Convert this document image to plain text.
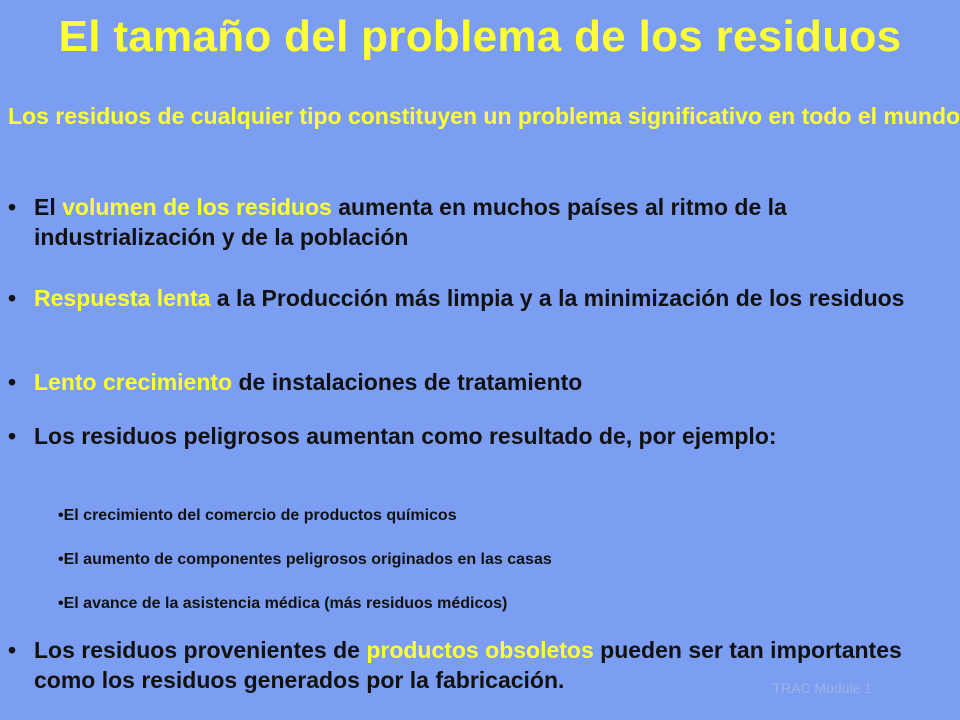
El tamaño del problema de los residuos
Los residuos de cualquier tipo constituyen un problema significativo en todo el mundo
• El volumen de los residuos aumenta en muchos países al ritmo de la industrialización y de la población
• Respuesta lenta a la Producción más limpia y a la minimización de los residuos
• Lento crecimiento de instalaciones de tratamiento
• Los residuos peligrosos aumentan como resultado de, por ejemplo:
•El crecimiento del comercio de productos químicos
•El aumento de componentes peligrosos originados en las casas
•El avance de la asistencia médica (más residuos médicos)
TRAC Module 1
• Los residuos provenientes de productos obsoletos pueden ser tan importantes como los residuos generados por la fabricación.
